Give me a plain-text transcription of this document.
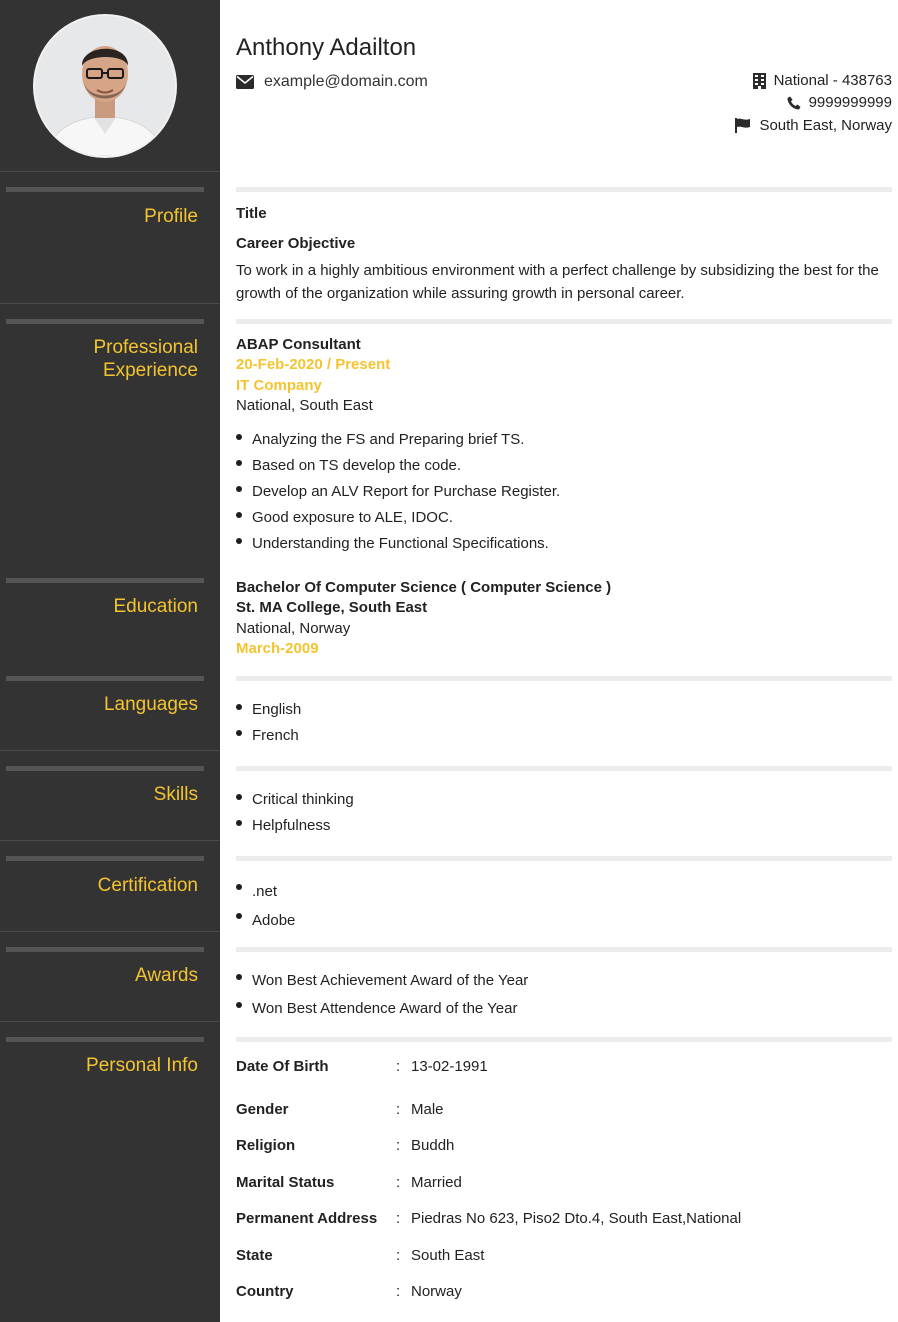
Profile
Professional
Experience
Education
Languages
Skills
Certification
Awards
Personal Info
Anthony Adailton
example@domain.com	National - 438763
9999999999
South East, Norway
Title
Career Objective
To work in a highly ambitious environment with a perfect challenge by subsidizing the best for the
growth of the organization while assuring growth in personal career.
ABAP Consultant
20-Feb-2020 / Present
IT Company
National, South East
Analyzing the FS and Preparing brief TS.
Based on TS develop the code.
Develop an ALV Report for Purchase Register.
Good exposure to ALE, IDOC.
Understanding the Functional Specifications.
Bachelor Of Computer Science ( Computer Science )
St. MA College, South East
National, Norway
March-2009
English
French
Critical thinking
Helpfulness
.net
Adobe
Won Best Achievement Award of the Year
Won Best Attendence Award of the Year
Date Of Birth	: 13-02-1991
Gender	: Male
Religion	: Buddh
Marital Status	: Married
Permanent Address	: Piedras No 623, Piso2 Dto.4, South East,National
State	: South East
Country	: Norway
